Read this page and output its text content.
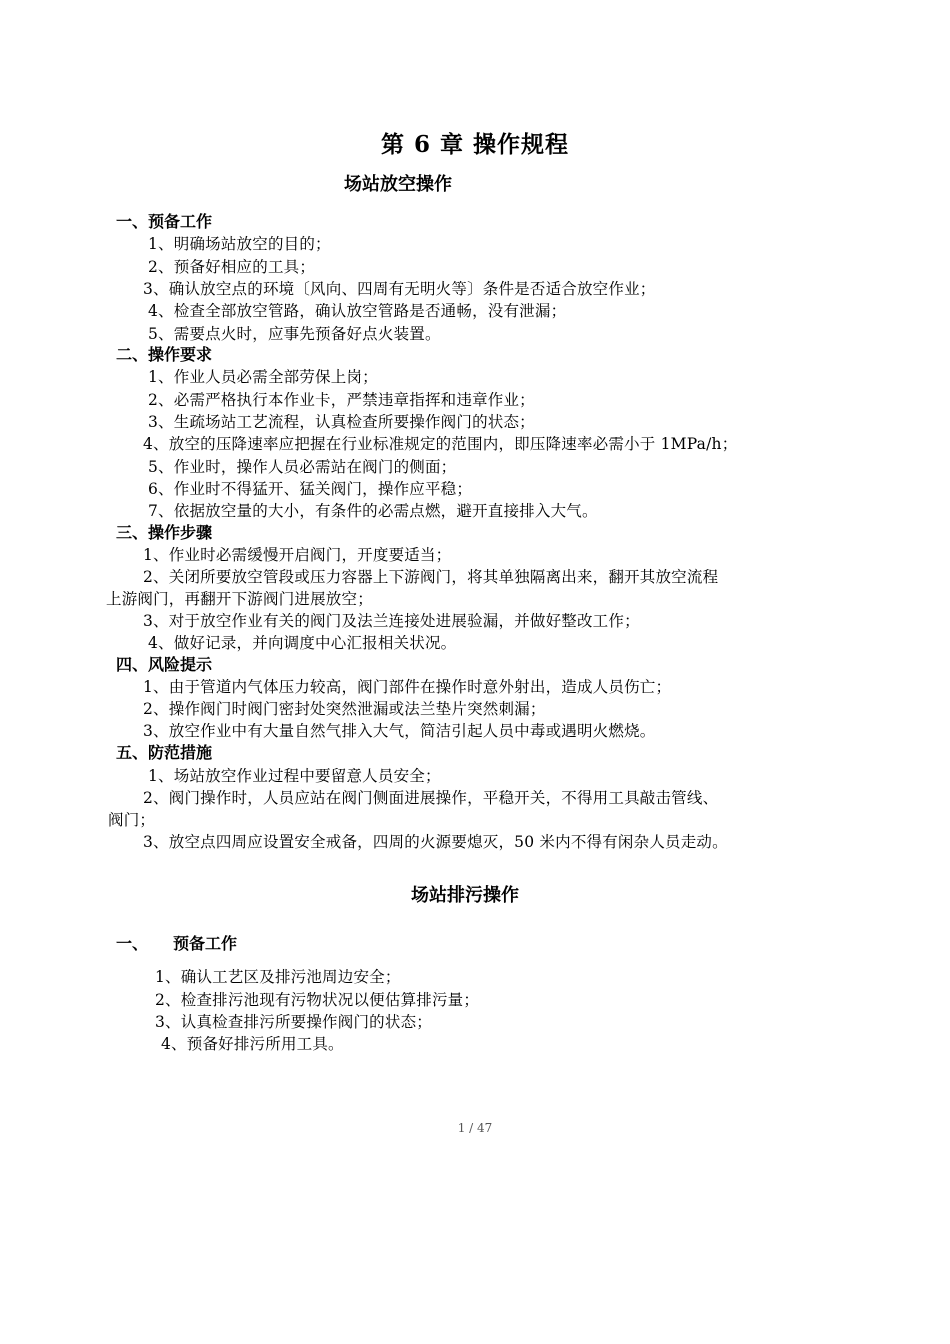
第 6 章 操作规程
场站放空操作
一、预备工作
1、明确场站放空的目的；
2、预备好相应的工具；
3、确认放空点的环境〔风向、四周有无明火等〕条件是否适合放空作业；
4、检查全部放空管路，确认放空管路是否通畅，没有泄漏；
5、需要点火时，应事先预备好点火装置。
二、操作要求
1、作业人员必需全部劳保上岗；
2、必需严格执行本作业卡，严禁违章指挥和违章作业；
3、生疏场站工艺流程，认真检查所要操作阀门的状态；
4、放空的压降速率应把握在行业标准规定的范围内，即压降速率必需小于 1MPa/h；
5、作业时，操作人员必需站在阀门的侧面；
6、作业时不得猛开、猛关阀门，操作应平稳；
7、依据放空量的大小，有条件的必需点燃，避开直接排入大气。
三、操作步骤
1、作业时必需缓慢开启阀门，开度要适当；
2、关闭所要放空管段或压力容器上下游阀门，将其单独隔离出来，翻开其放空流程
上游阀门，再翻开下游阀门进展放空；
3、对于放空作业有关的阀门及法兰连接处进展验漏，并做好整改工作；
4、做好记录，并向调度中心汇报相关状况。
四、风险提示
1、由于管道内气体压力较高，阀门部件在操作时意外射出，造成人员伤亡；
2、操作阀门时阀门密封处突然泄漏或法兰垫片突然刺漏；
3、放空作业中有大量自然气排入大气，简洁引起人员中毒或遇明火燃烧。
五、防范措施
1、场站放空作业过程中要留意人员安全；
2、阀门操作时，人员应站在阀门侧面进展操作，平稳开关，不得用工具敲击管线、
阀门；
3、放空点四周应设置安全戒备，四周的火源要熄灭，50 米内不得有闲杂人员走动。
场站排污操作
一、 预备工作
1、确认工艺区及排污池周边安全；
2、检查排污池现有污物状况以便估算排污量；
3、认真检查排污所要操作阀门的状态；
4、预备好排污所用工具。
1 / 47
